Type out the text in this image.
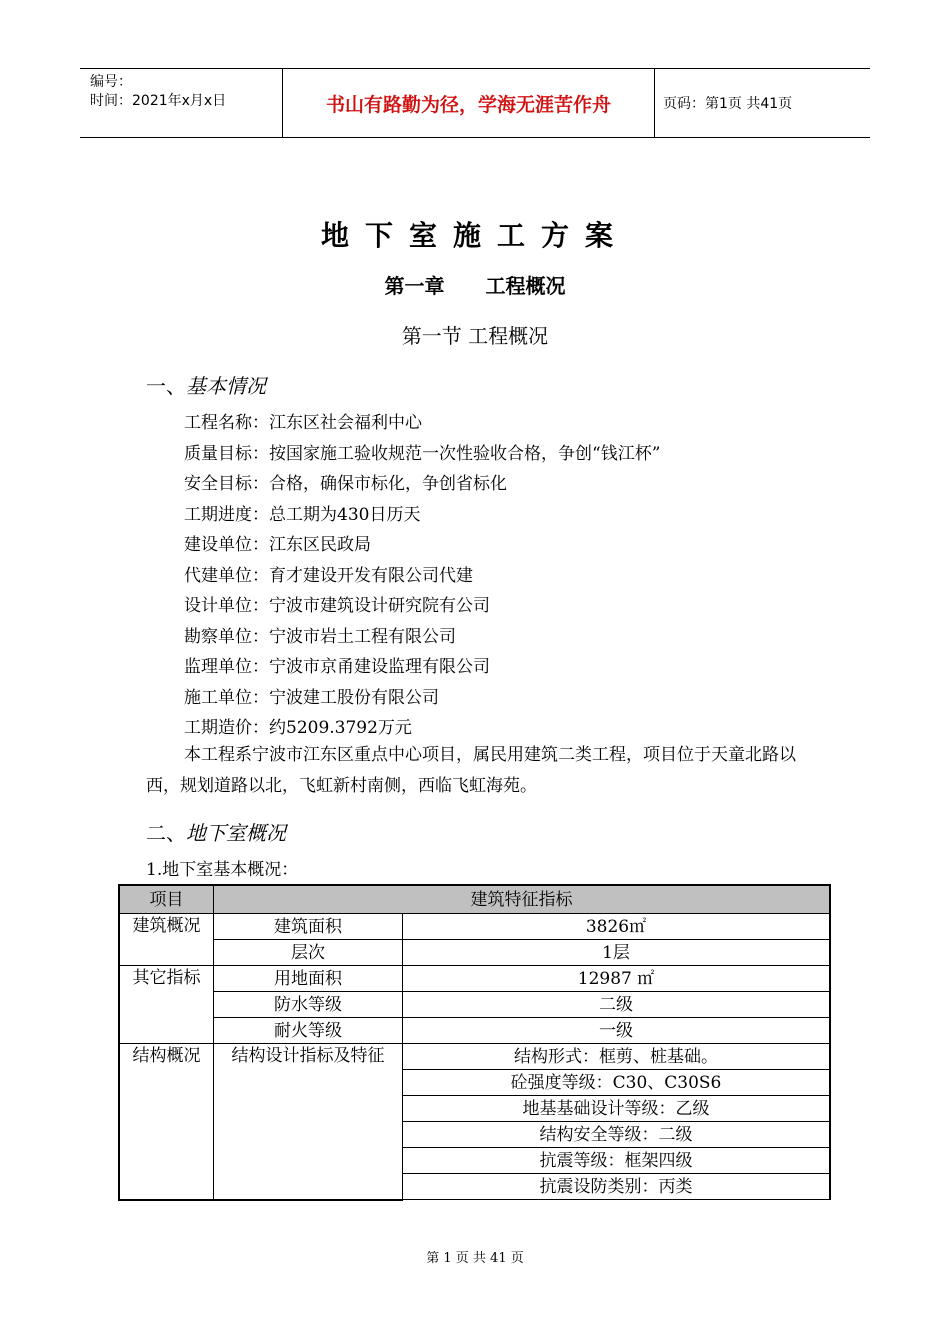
编号：
时间：2021年x月x日	书山有路勤为径，学海无涯苦作舟	页码：第1页 共41页
地下室施工方案
第一章 工程概况
第一节 工程概况
一、基本情况
工程名称：江东区社会福利中心
质量目标：按国家施工验收规范一次性验收合格，争创“钱江杯”
安全目标：合格，确保市标化，争创省标化
工期进度：总工期为430日历天
建设单位：江东区民政局
代建单位：育才建设开发有限公司代建
设计单位：宁波市建筑设计研究院有公司
勘察单位：宁波市岩土工程有限公司
监理单位：宁波市京甬建设监理有限公司
施工单位：宁波建工股份有限公司
工期造价：约5209.3792万元
本工程系宁波市江东区重点中心项目，属民用建筑二类工程，项目位于天童北路以西，规划道路以北，飞虹新村南侧，西临飞虹海苑。
二、地下室概况
1.地下室基本概况：
项目	建筑特征指标	
建筑概况	建筑面积	3826㎡
	层次	1层
其它指标	用地面积	12987 ㎡
	防水等级	二级
	耐火等级	一级
结构概况	结构设计指标及特征	结构形式：框剪、桩基础。
		砼强度等级：C30、C30S6
		地基基础设计等级：乙级
		结构安全等级：二级
		抗震等级：框架四级
		抗震设防类别：丙类
第 1 页 共 41 页
